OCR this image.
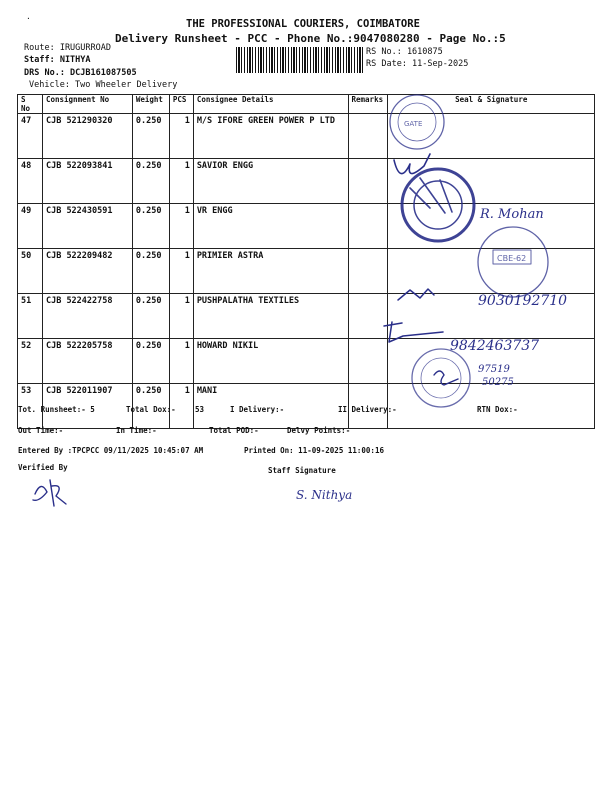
·	THE PROFESSIONAL COURIERS, COIMBATORE
Delivery Runsheet - PCC - Phone No.:9047080280 - Page No.:5
Route: IRUGURROAD
Staff: NITHYA
DRS No.: DCJB161087505
Vehicle: Two Wheeler Delivery
RS No.: 1610875
RS Date: 11-Sep-2025
S No	Consignment No	Weight	PCS	Consignee Details	Remarks	Seal & Signature
47	CJB 521290320	0.250	1	M/S IFORE GREEN POWER P LTD		
48	CJB 522093841	0.250	1	SAVIOR ENGG		
49	CJB 522430591	0.250	1	VR ENGG		
50	CJB 522209482	0.250	1	PRIMIER ASTRA		
51	CJB 522422758	0.250	1	PUSHPALATHA TEXTILES		
52	CJB 522205758	0.250	1	HOWARD NIKIL		
53	CJB 522011907	0.250	1	MANI		
Tot. Runsheet:- 5	Total Dox:-	53	I Delivery:-	II Delivery:-	RTN Dox:-
Out Time:-	In Time:-	Total POD:-	Delvy Points:-
Entered By :TPCPCC 09/11/2025 10:45:07 AM	Printed On: 11-09-2025 11:00:16
Verified By	Staff Signature
GATE
CBE-62
R. Mohan
9030192710
9842463737
97519
50275
S. Nithya
